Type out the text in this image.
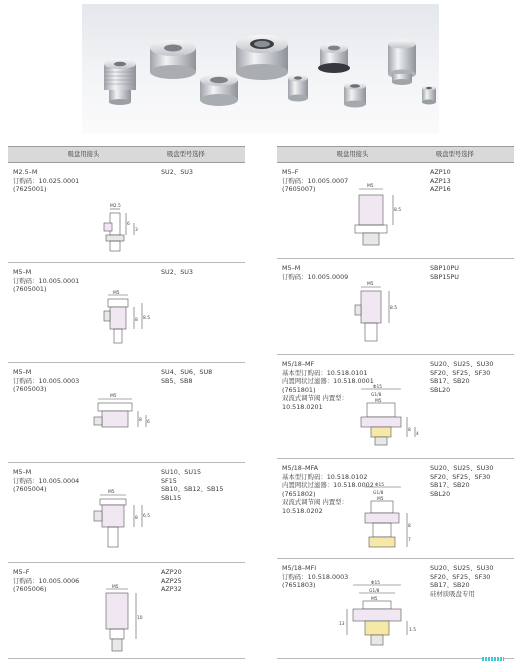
吸盘用接头	吸盘型号选择
M2.5–M
订购码：10.025.0001
(7625001)
M2.5
6
3
SU2、SU3
M5–M
订购码：10.005.0001
(7605001)
M5
8 8.5
SU2、SU3
M5–M
订购码：10.005.0003
(7605003)
M5
8 6
SU4、SU6、SU8
SB5、SB8
M5–M
订购码：10.005.0004
(7605004)	M5
8 6.5
SU10、SU15
SF15
SB10、SB12、SB15
SBL15
M5–F
订购码：10.005.0006
(7605006)	M5
10
AZP20
AZP25
AZP32
吸盘用接头	吸盘型号选择
M5–F
订购码：10.005.0007
(7605007)	M5
8.5
AZP10
AZP13
AZP16
M5–M
订购码：10.005.0009
M5
8.5
SBP10PU
SBP15PU
M5/18–MF
基本型订购码：10.518.0101
内置网状过滤器：10.518.0001
(7651801)
双流式调节阀 内置型：
10.518.0201
Φ15
G1/8
M5
8
4
SU20、SU25、SU30
SF20、SF25、SF30
SB17、SB20
SBL20
M5/18–MFA
基本型订购码：10.518.0102
内置网状过滤器：10.518.0002
(7651802)
双流式调节阀 内置型：
10.518.0202
Φ15
G1/8
M5
8
7
SU20、SU25、SU30
SF20、SF25、SF30
SB17、SB20
SBL20
M5/18–MFI
订购码：10.518.0003
(7651803)	Φ15
G1/8
M5
13
1.5
SU20、SU25、SU30
SF20、SF25、SF30
SB17、SB20
硅材质吸盘专用
